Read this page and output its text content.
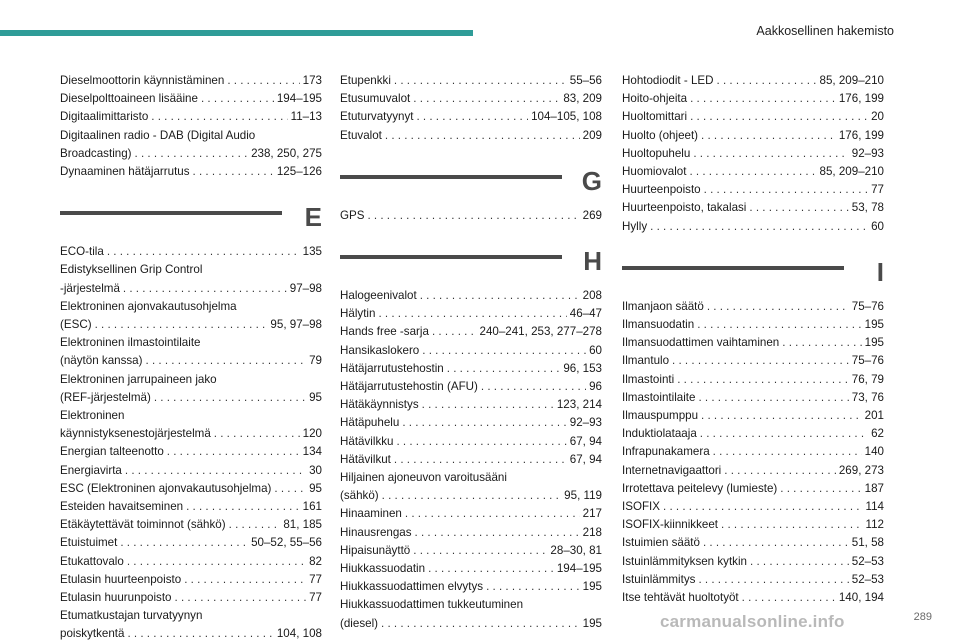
Aakkosellinen hakemisto
Dieselmoottorin käynnistäminen . . .	173
Dieselpolttoaineen lisääine . . .	194–195
Digitaalimittaristo . . .	11–13
Digitaalinen radio - DAB (Digital Audio
Broadcasting) . . .	238, 250, 275
Dynaaminen hätäjarrutus . . .	125–126
E
ECO-tila . . .	135
Edistyksellinen Grip Control
-järjestelmä . . .	97–98
Elektroninen ajonvakautusohjelma
(ESC) . . .	95, 97–98
Elektroninen ilmastointilaite
(näytön kanssa) . . .	79
Elektroninen jarrupaineen jako
(REF-järjestelmä) . . .	95
Elektroninen
käynnistyksenestojärjestelmä . . .	120
Energian talteenotto . . .	134
Energiavirta . . .	30
ESC (Elektroninen ajonvakautusohjelma) . . .	95
Esteiden havaitseminen . . .	161
Etäkäytettävät toiminnot (sähkö) . . .	81, 185
Etuistuimet . . .	50–52, 55–56
Etukattovalo . . .	82
Etulasin huurteenpoisto . . .	77
Etulasin huurunpoisto . . .	77
Etumatkustajan turvatyynyn
poiskytkentä . . .	104, 108
Etupenkki . . .	55–56
Etusumuvalot . . .	83, 209
Etuturvatyynyt . . .	104–105, 108
Etuvalot . . .	209
G
GPS . . .	269
H
Halogeenivalot . . .	208
Hälytin . . .	46–47
Hands free -sarja . . .	240–241, 253, 277–278
Hansikaslokero . . .	60
Hätäjarrutustehostin . . .	96, 153
Hätäjarrutustehostin (AFU) . . .	96
Hätäkäynnistys . . .	123, 214
Hätäpuhelu . . .	92–93
Hätävilkku . . .	67, 94
Hätävilkut . . .	67, 94
Hiljainen ajoneuvon varoitusääni
(sähkö) . . .	95, 119
Hinaaminen . . .	217
Hinausrengas . . .	218
Hipaisunäyttö . . .	28–30, 81
Hiukkassuodatin . . .	194–195
Hiukkassuodattimen elvytys . . .	195
Hiukkassuodattimen tukkeutuminen
(diesel) . . .	195
Hohtodiodit - LED . . .	85, 209–210
Hoito-ohjeita . . .	176, 199
Huoltomittari . . .	20
Huolto (ohjeet) . . .	176, 199
Huoltopuhelu . . .	92–93
Huomiovalot . . .	85, 209–210
Huurteenpoisto . . .	77
Huurteenpoisto, takalasi . . .	53, 78
Hylly . . .	60
I
Ilmanjaon säätö . . .	75–76
Ilmansuodatin . . .	195
Ilmansuodattimen vaihtaminen . . .	195
Ilmantulo . . .	75–76
Ilmastointi . . .	76, 79
Ilmastointilaite . . .	73, 76
Ilmauspumppu . . .	201
Induktiolataaja . . .	62
Infrapunakamera . . .	140
Internetnavigaattori . . .	269, 273
Irrotettava peitelevy (lumieste) . . .	187
ISOFIX . . .	114
ISOFIX-kiinnikkeet . . .	112
Istuimien säätö . . .	51, 58
Istuinlämmityksen kytkin . . .	52–53
Istuinlämmitys . . .	52–53
Itse tehtävät huoltotyöt . . .	140, 194
carmanualsonline.info	289
